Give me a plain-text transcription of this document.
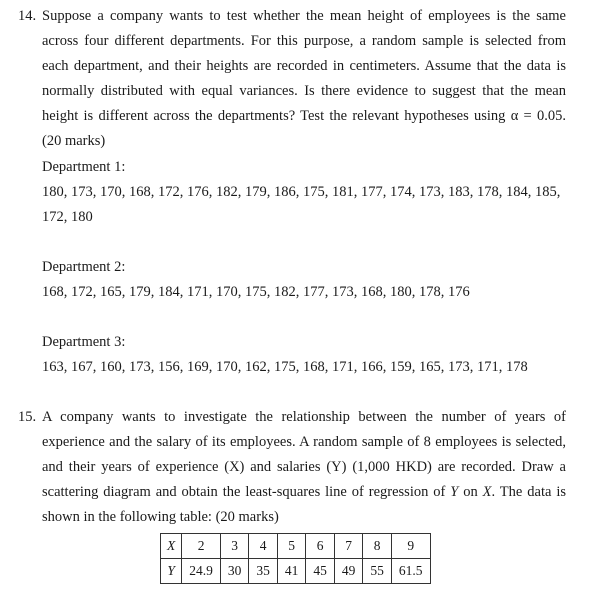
14. Suppose a company wants to test whether the mean height of employees is the same across four different departments. For this purpose, a random sample is selected from each department, and their heights are recorded in centimeters. Assume that the data is normally distributed with equal variances. Is there evidence to suggest that the mean height is different across the departments? Test the relevant hypotheses using α = 0.05. (20 marks)
Department 1:
180, 173, 170, 168, 172, 176, 182, 179, 186, 175, 181, 177, 174, 173, 183, 178, 184, 185, 172, 180
Department 2:
168, 172, 165, 179, 184, 171, 170, 175, 182, 177, 173, 168, 180, 178, 176
Department 3:
163, 167, 160, 173, 156, 169, 170, 162, 175, 168, 171, 166, 159, 165, 173, 171, 178
15. A company wants to investigate the relationship between the number of years of experience and the salary of its employees. A random sample of 8 employees is selected, and their years of experience (X) and salaries (Y) (1,000 HKD) are recorded. Draw a scattering diagram and obtain the least-squares line of regression of Y on X. The data is shown in the following table: (20 marks)
X	2	3	4	5	6	7	8	9
Y	24.9	30	35	41	45	49	55	61.5
